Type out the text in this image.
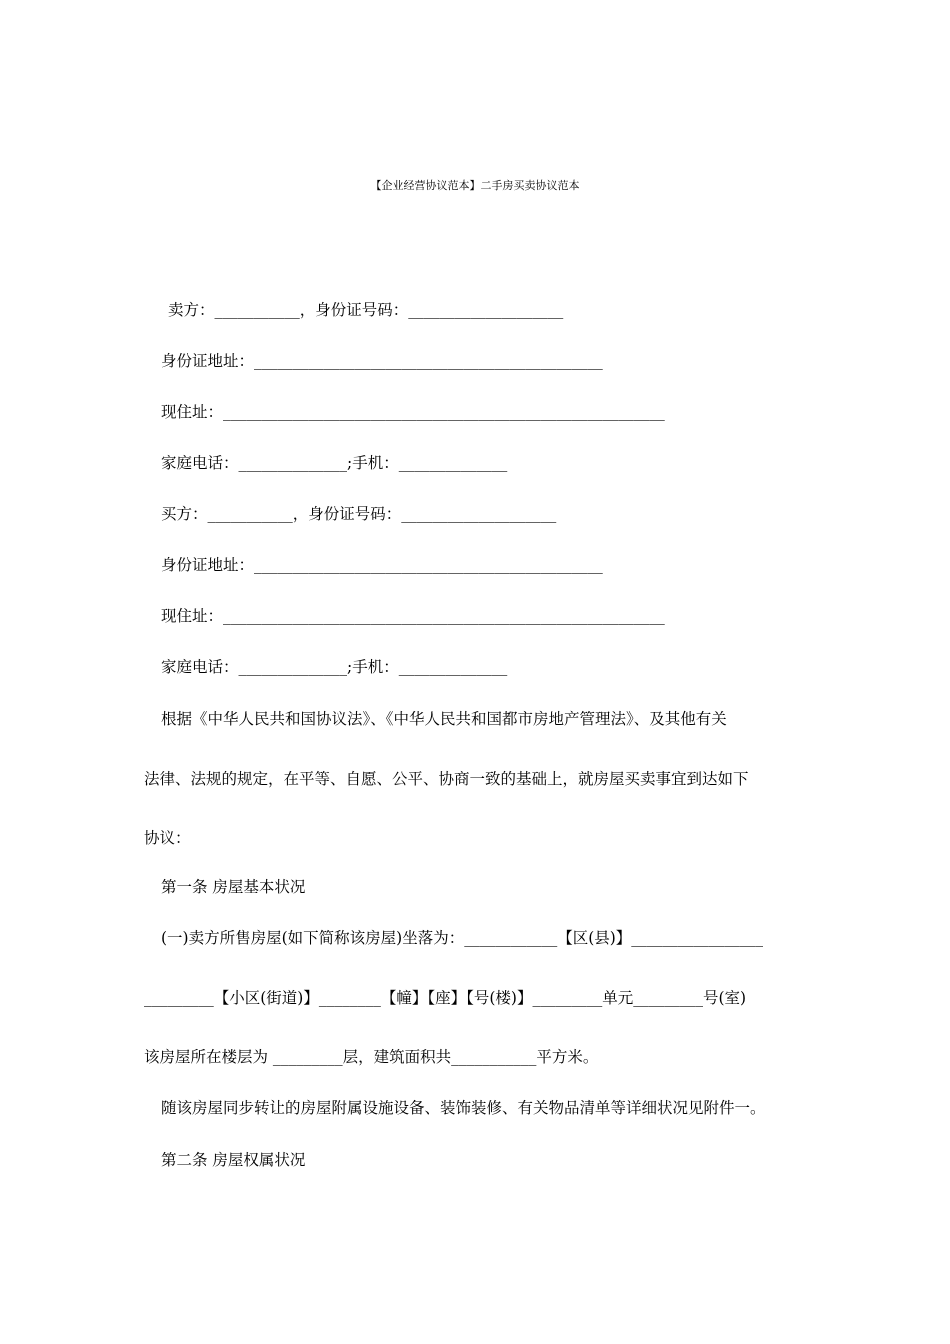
【企业经营协议范本】二手房买卖协议范本
卖方：___________，身份证号码：____________________
身份证地址：_____________________________________________
现住址：_________________________________________________________
家庭电话：______________;手机：______________
买方：___________，身份证号码：____________________
身份证地址：_____________________________________________
现住址：_________________________________________________________
家庭电话：______________;手机：______________
根据《中华人民共和国协议法》、《中华人民共和国都市房地产管理法》、及其他有关
法律、法规的规定，在平等、自愿、公平、协商一致的基础上，就房屋买卖事宜到达如下
协议：
第一条 房屋基本状况
(一)卖方所售房屋(如下简称该房屋)坐落为：____________【区(县)】_________________
_________【小区(街道)】________【幢】【座】【号(楼)】_________单元_________号(室)
该房屋所在楼层为 _________层，建筑面积共___________平方米。
随该房屋同步转让的房屋附属设施设备、装饰装修、有关物品清单等详细状况见附件一。
第二条 房屋权属状况
